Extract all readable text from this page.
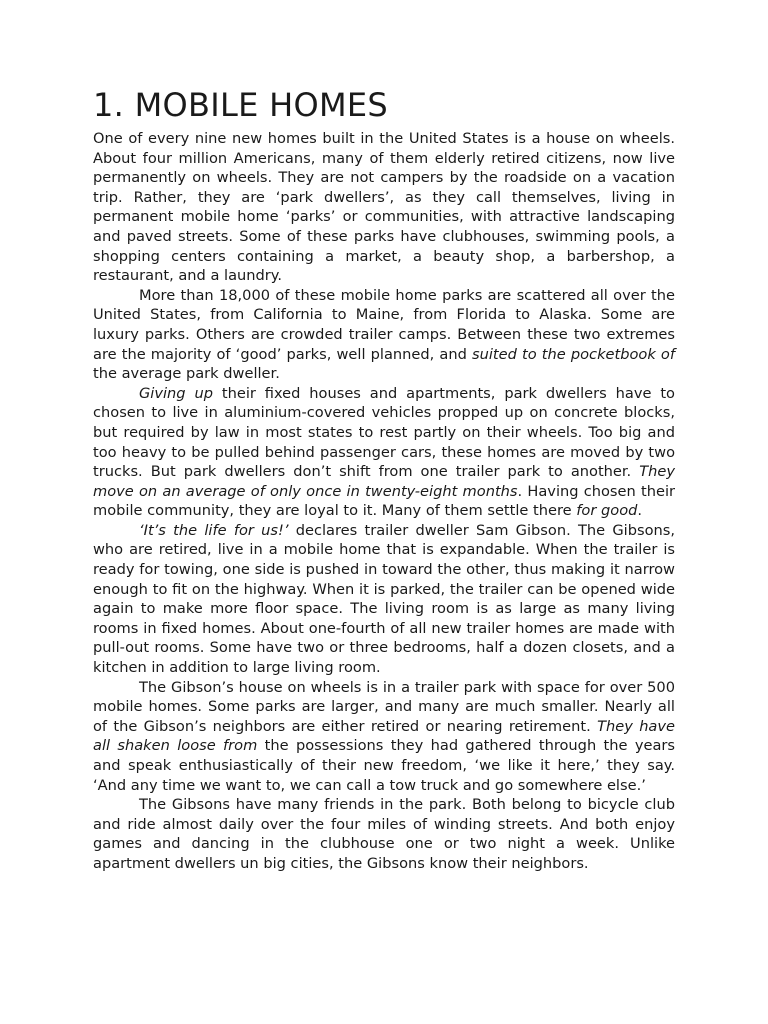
1. MOBILE HOMES

One of every nine new homes built in the United States is a house on wheels. About four million Americans, many of them elderly retired citizens, now live permanently on wheels. They are not campers by the roadside on a vacation trip. Rather, they are ‘park dwellers’, as they call themselves, living in permanent mobile home ‘parks’ or communities, with attractive landscaping and paved streets. Some of these parks have clubhouses, swimming pools, a shopping centers containing a market, a beauty shop, a barbershop, a restaurant, and a laundry.

More than 18,000 of these mobile home parks are scattered all over the United States, from California to Maine, from Florida to Alaska. Some are luxury parks. Others are crowded trailer camps. Between these two extremes are the majority of ‘good’ parks, well planned, and suited to the pocketbook of the average park dweller.

Giving up their fixed houses and apartments, park dwellers have to chosen to live in aluminium-covered vehicles propped up on concrete blocks, but required by law in most states to rest partly on their wheels. Too big and too heavy to be pulled behind passenger cars, these homes are moved by two trucks. But park dwellers don’t shift from one trailer park to another. They move on an average of only once in twenty-eight months. Having chosen their mobile community, they are loyal to it. Many of them settle there for good.

‘It’s the life for us!’ declares trailer dweller Sam Gibson. The Gibsons, who are retired, live in a mobile home that is expandable. When the trailer is ready for towing, one side is pushed in toward the other, thus making it narrow enough to fit on the highway. When it is parked, the trailer can be opened wide again to make more floor space. The living room is as large as many living rooms in fixed homes. About one-fourth of all new trailer homes are made with pull-out rooms. Some have two or three bedrooms, half a dozen closets, and a kitchen in addition to large living room.

The Gibson’s house on wheels is in a trailer park with space for over 500 mobile homes. Some parks are larger, and many are much smaller. Nearly all of the Gibson’s neighbors are either retired or nearing retirement. They have all shaken loose from the possessions they had gathered through the years and speak enthusiastically of their new freedom, ‘we like it here,’ they say. ‘And any time we want to, we can call a tow truck and go somewhere else.’

The Gibsons have many friends in the park. Both belong to bicycle club and ride almost daily over the four miles of winding streets. And both enjoy games and dancing in the clubhouse one or two night a week. Unlike apartment dwellers un big cities, the Gibsons know their neighbors.
